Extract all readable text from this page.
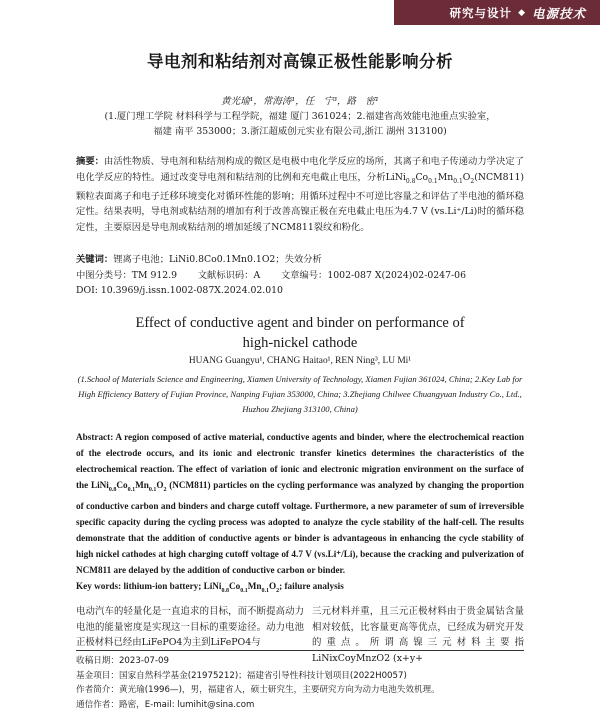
研究与设计 ◆ 电源技术
导电剂和粘结剂对高镍正极性能影响分析
黄光瑜¹，常海涛¹，任　宁³，路　密¹
(1.厦门理工学院 材料科学与工程学院，福建 厦门 361024；2.福建省高效能电池重点实验室，
福建 南平 353000；3.浙江超威创元实业有限公司,浙江 湖州 313100)
摘要：由活性物质、导电剂和粘结剂构成的微区是电极中电化学反应的场所，其离子和电子传递动力学决定了电化学反应的特性。通过改变导电剂和粘结剂的比例和充电截止电压，分析$LiNi_{0.8}Co_{0.1}Mn_{0.1}O_2(NCM811)$颗粒表面离子和电子迁移环境变化对循环性能的影响；用循环过程中不可逆比容量之和评估了半电池的循环稳定性。结果表明，导电剂或粘结剂的增加有利于改善高镍正极在充电截止电压为4.7 V (vs.Li⁺/Li)时的循环稳定性，主要原因是导电剂或粘结剂的增加延缓了NCM811裂纹和粉化。
关键词：锂离子电池；LiNi0.8Co0.1Mn0.1O2；失效分析
中图分类号：TM 912.9 文献标识码：A 文章编号：1002-087 X(2024)02-0247-06
DOI: 10.3969/j.issn.1002-087X.2024.02.010
Effect of conductive agent and binder on performance of
high-nickel cathode
HUANG Guangyu¹, CHANG Haitao¹, REN Ning³, LU Mi¹
(1.School of Materials Science and Engineering, Xiamen University of Technology, Xiamen Fujian 361024, China; 2.Key Lab for High Efficiency Battery of Fujian Province, Nanping Fujian 353000, China; 3.Zhejiang Chilwee Chuangyuan Industry Co., Ltd., Huzhou Zhejiang 313100, China)
Abstract: A region composed of active material, conductive agents and binder, where the electrochemical reaction of the electrode occurs, and its ionic and electronic transfer kinetics determines the characteristics of the electrochemical reaction. The effect of variation of ionic and electronic migration environment on the surface of the $LiNi_{0.8}Co_{0.1}Mn_{0.1}O_2$ (NCM811) particles on the cycling performance was analyzed by changing the proportion of conductive carbon and binders and charge cutoff voltage. Furthermore, a new parameter of sum of irreversible specific capacity during the cycling process was adopted to analyze the cycle stability of the half-cell. The results demonstrate that the addition of conductive agents or binder is advantageous in enhancing the cycle stability of high nickel cathodes at high charging cutoff voltage of 4.7 V (vs.Li⁺/Li), because the cracking and pulverization of NCM811 are delayed by the addition of conductive carbon or binder.
Key words: lithium-ion battery; $LiNi_{0.8}Co_{0.1}Mn_{0.1}O_2$; failure analysis
电动汽车的轻量化是一直追求的目标，而不断提高动力电池的能量密度是实现这一目标的重要途径。动力电池正极材料已经由LiFePO4为主到LiFePO4与
三元材料并重，且三元正极材料由于贵金属钴含量相对较低，比容量更高等优点，已经成为研究开发的重点。所谓高镍三元材料主要指LiNixCoyMnzO2 (x+y+
收稿日期：2023-07-09
基金项目：国家自然科学基金(21975212)；福建省引导性科技计划项目(2022H0057)
作者简介：黄光瑜(1996—)，男，福建省人，硕士研究生，主要研究方向为动力电池失效机理。
通信作者：路密，E-mail: lumihit@sina.com
